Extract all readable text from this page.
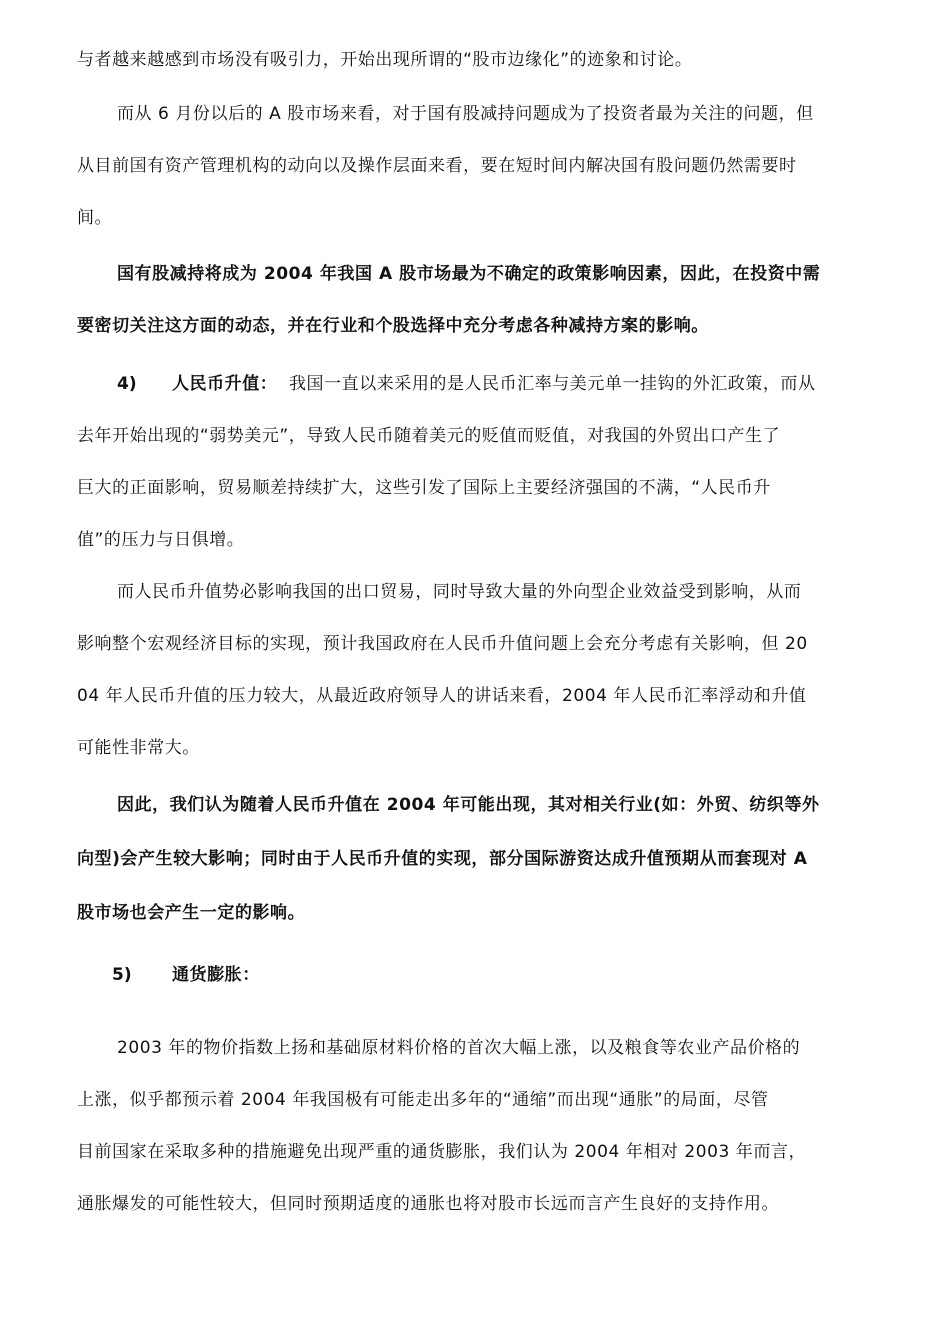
与者越来越感到市场没有吸引力，开始出现所谓的“股市边缘化”的迹象和讨论。
而从 6 月份以后的 A 股市场来看，对于国有股减持问题成为了投资者最为关注的问题，但
从目前国有资产管理机构的动向以及操作层面来看，要在短时间内解决国有股问题仍然需要时
间。
国有股减持将成为 2004 年我国 A 股市场最为不确定的政策影响因素，因此，在投资中需
要密切关注这方面的动态，并在行业和个股选择中充分考虑各种减持方案的影响。
4) 人民币升值： 我国一直以来采用的是人民币汇率与美元单一挂钩的外汇政策，而从
去年开始出现的“弱势美元”，导致人民币随着美元的贬值而贬值，对我国的外贸出口产生了
巨大的正面影响，贸易顺差持续扩大，这些引发了国际上主要经济强国的不满，“人民币升
值”的压力与日俱增。
而人民币升值势必影响我国的出口贸易，同时导致大量的外向型企业效益受到影响，从而
影响整个宏观经济目标的实现，预计我国政府在人民币升值问题上会充分考虑有关影响，但 20
04 年人民币升值的压力较大，从最近政府领导人的讲话来看，2004 年人民币汇率浮动和升值
可能性非常大。
因此，我们认为随着人民币升值在 2004 年可能出现，其对相关行业(如：外贸、纺织等外
向型)会产生较大影响；同时由于人民币升值的实现，部分国际游资达成升值预期从而套现对 A
股市场也会产生一定的影响。
5) 通货膨胀：
2003 年的物价指数上扬和基础原材料价格的首次大幅上涨，以及粮食等农业产品价格的
上涨，似乎都预示着 2004 年我国极有可能走出多年的“通缩”而出现“通胀”的局面，尽管
目前国家在采取多种的措施避免出现严重的通货膨胀，我们认为 2004 年相对 2003 年而言，
通胀爆发的可能性较大，但同时预期适度的通胀也将对股市长远而言产生良好的支持作用。
